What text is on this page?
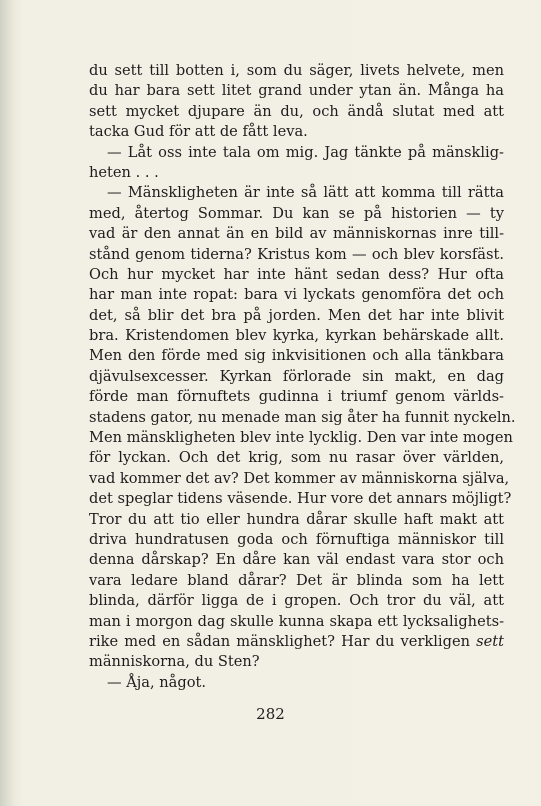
du sett till botten i, som du säger, livets helvete, men
du har bara sett litet grand under ytan än. Många ha
sett mycket djupare än du, och ändå slutat med att
tacka Gud för att de fått leva.
— Låt oss inte tala om mig. Jag tänkte på mänsklig-
heten . . .
— Mänskligheten är inte så lätt att komma till rätta
med, återtog Sommar. Du kan se på historien — ty
vad är den annat än en bild av människornas inre till-
stånd genom tiderna? Kristus kom — och blev korsfäst.
Och hur mycket har inte hänt sedan dess? Hur ofta
har man inte ropat: bara vi lyckats genomföra det och
det, så blir det bra på jorden. Men det har inte blivit
bra. Kristendomen blev kyrka, kyrkan behärskade allt.
Men den förde med sig inkvisitionen och alla tänkbara
djävulsexcesser. Kyrkan förlorade sin makt, en dag
förde man förnuftets gudinna i triumf genom världs-
stadens gator, nu menade man sig åter ha funnit nyckeln.
Men mänskligheten blev inte lycklig. Den var inte mogen
för lyckan. Och det krig, som nu rasar över världen,
vad kommer det av? Det kommer av människorna själva,
det speglar tidens väsende. Hur vore det annars möjligt?
Tror du att tio eller hundra dårar skulle haft makt att
driva hundratusen goda och förnuftiga människor till
denna dårskap? En dåre kan väl endast vara stor och
vara ledare bland dårar? Det är blinda som ha lett
blinda, därför ligga de i gropen. Och tror du väl, att
man i morgon dag skulle kunna skapa ett lycksalighets-
rike med en sådan mänsklighet? Har du verkligen sett
människorna, du Sten?
— Åja, något.
282
